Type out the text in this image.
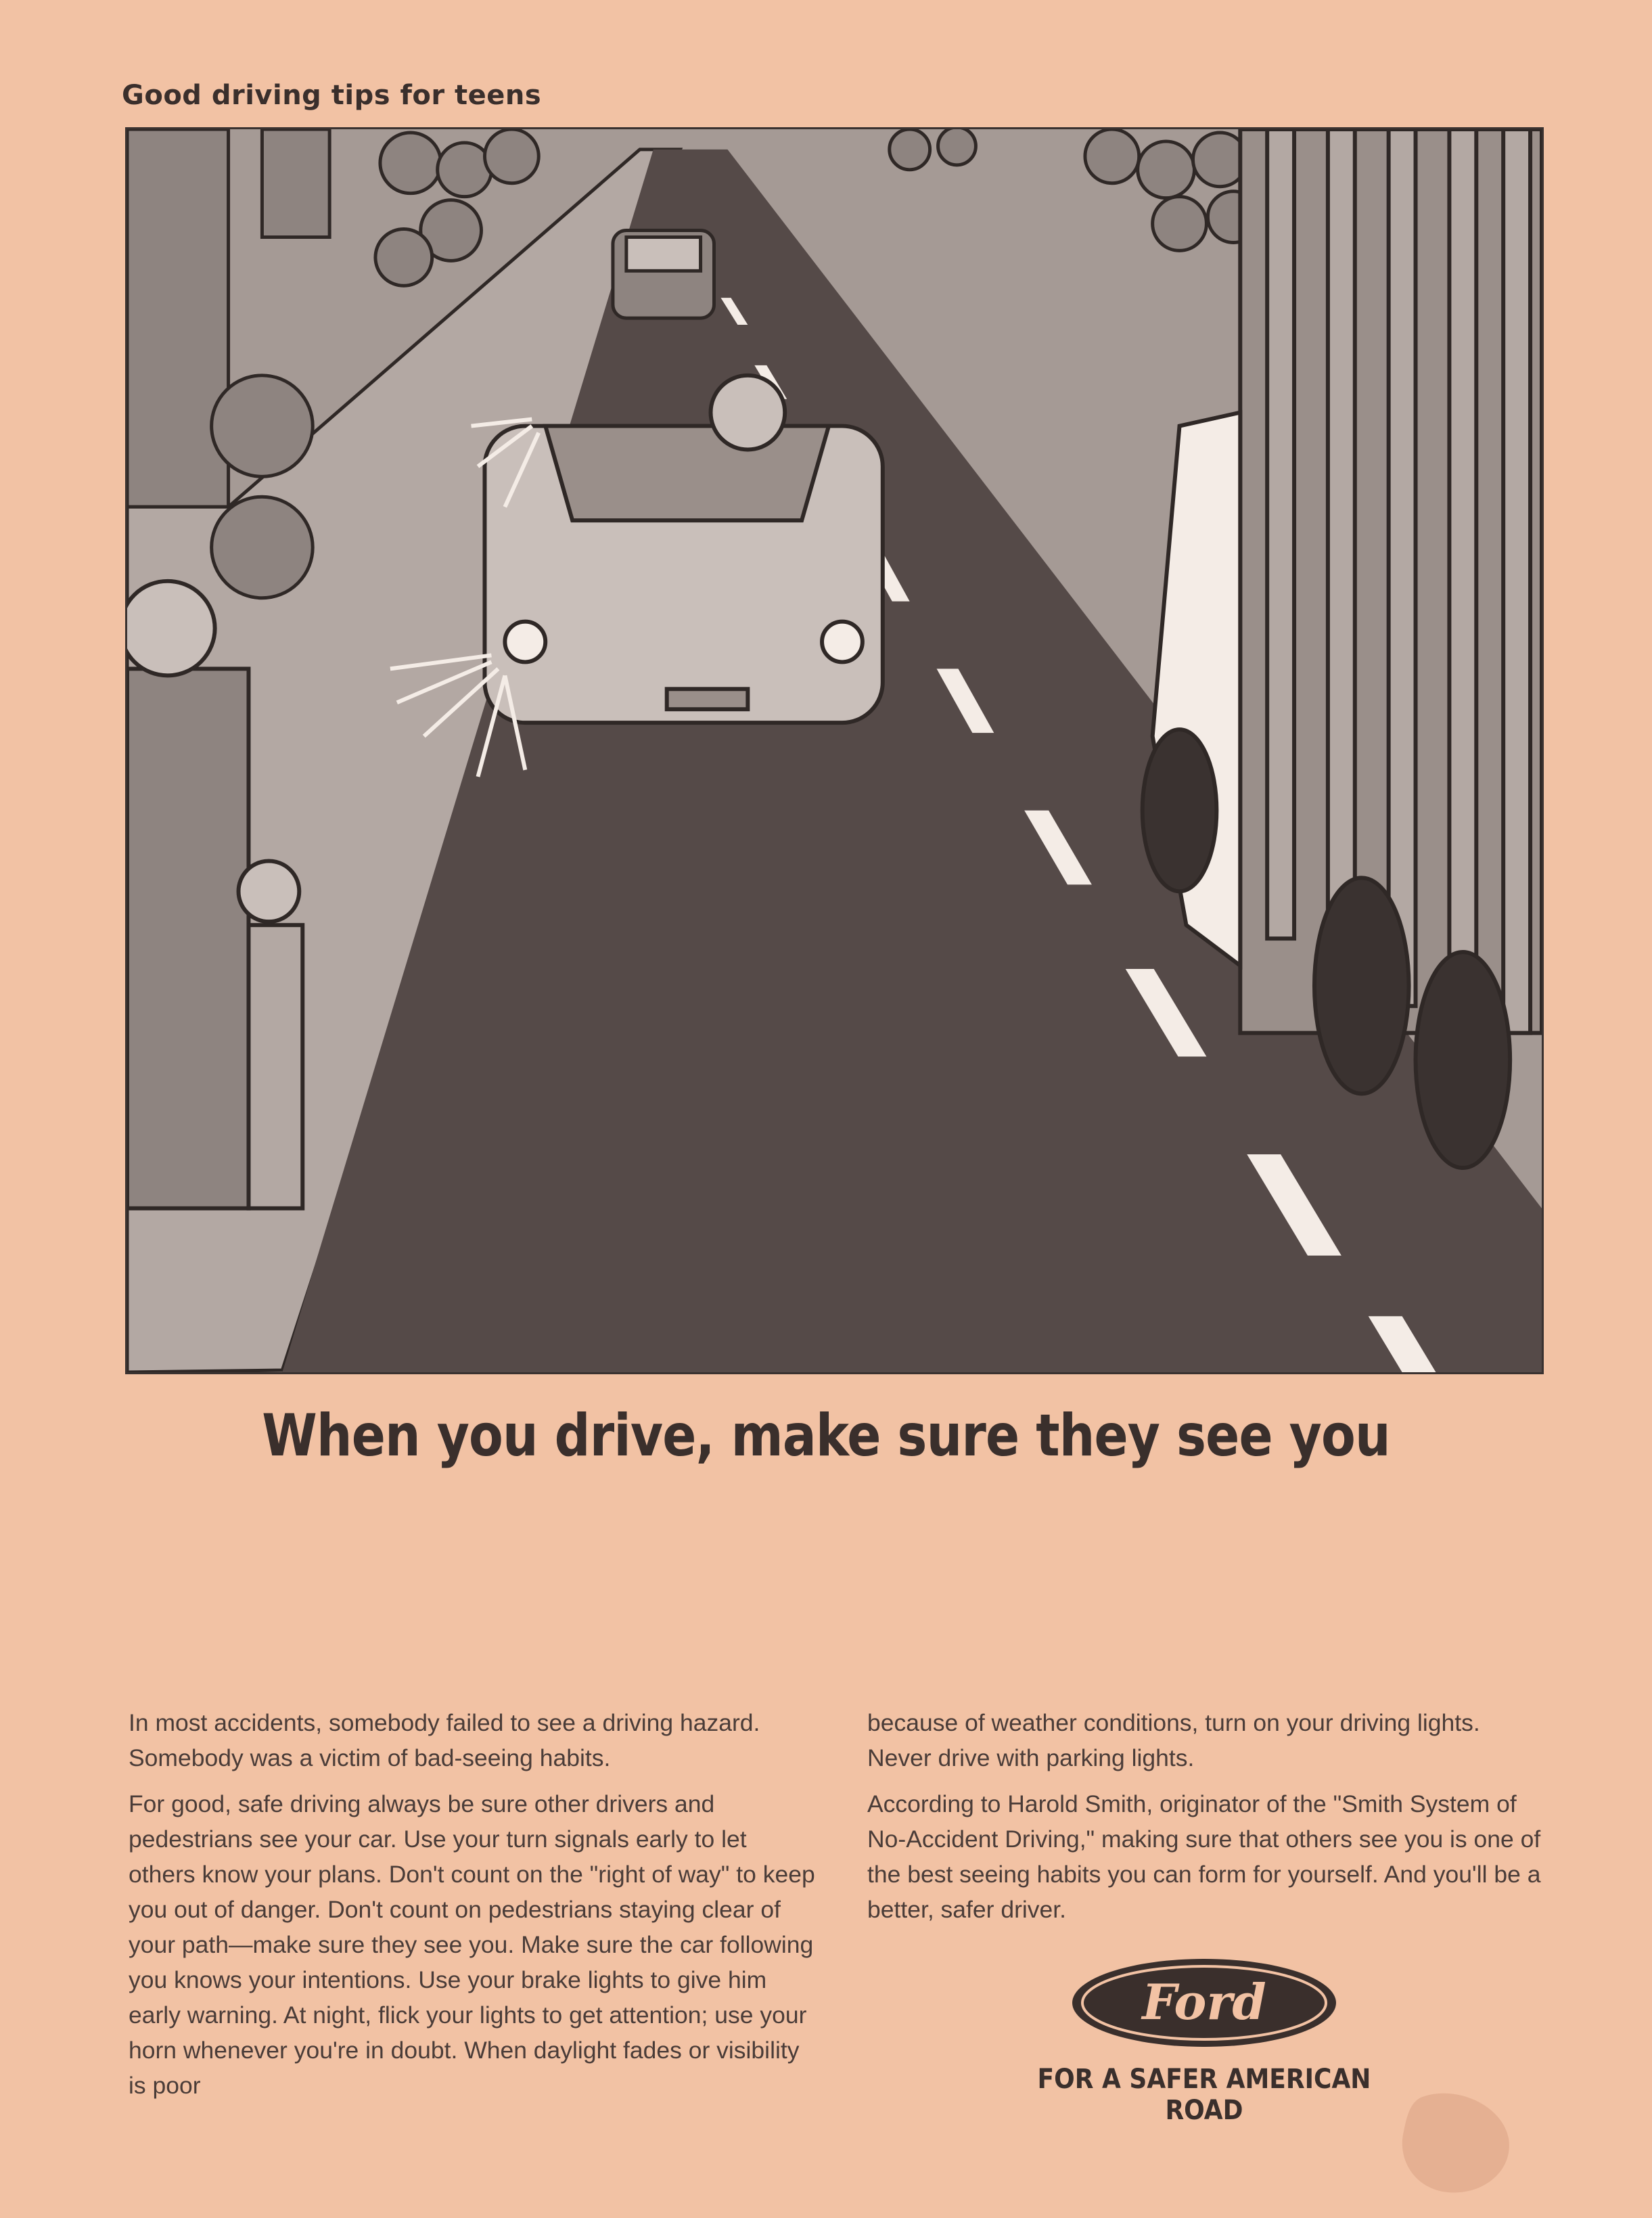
Good driving tips for teens
When you drive, make sure they see you

In most accidents, somebody failed to see a driving hazard. Somebody was a victim of bad-seeing habits.

For good, safe driving always be sure other drivers and pedestrians see your car. Use your turn signals early to let others know your plans. Don't count on the "right of way" to keep you out of danger. Don't count on pedestrians staying clear of your path—make sure they see you. Make sure the car following you knows your intentions. Use your brake lights to give him early warning. At night, flick your lights to get attention; use your horn whenever you're in doubt. When daylight fades or visibility is poor

because of weather conditions, turn on your driving lights. Never drive with parking lights.

According to Harold Smith, originator of the "Smith System of No-Accident Driving," making sure that others see you is one of the best seeing habits you can form for yourself. And you'll be a better, safer driver.

Ford
FOR A SAFER AMERICAN ROAD
